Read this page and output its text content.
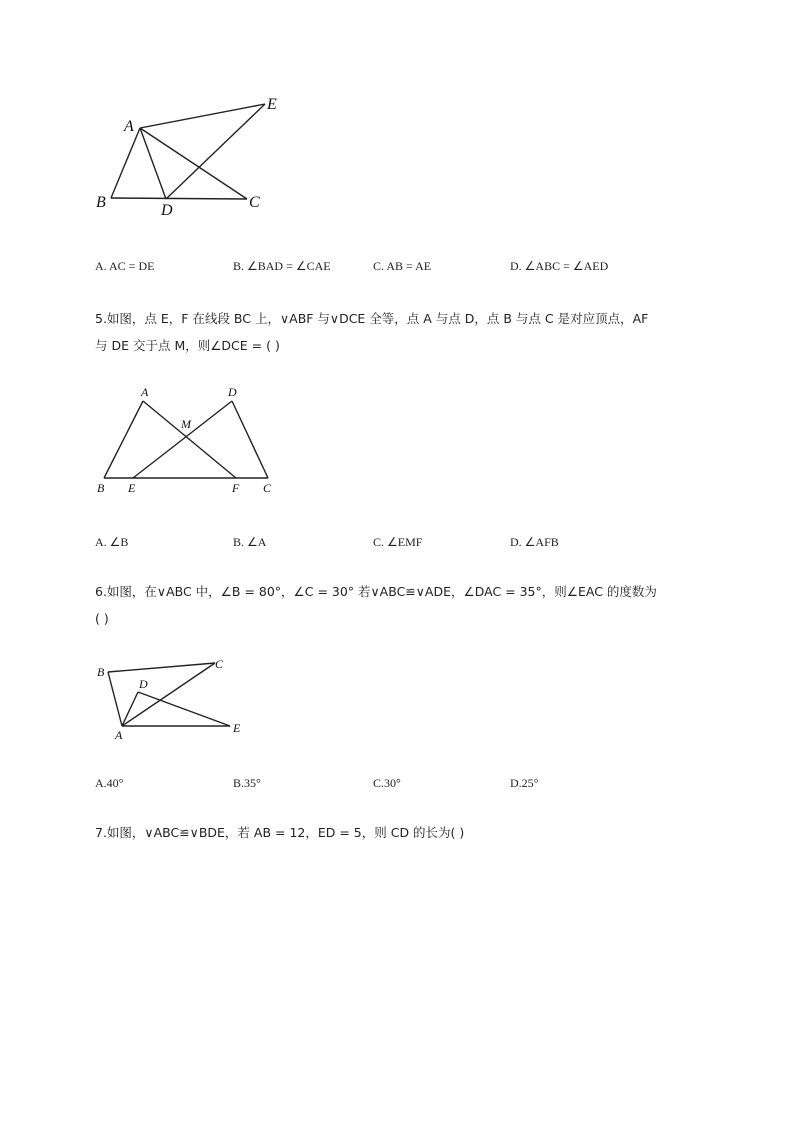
A
B	C
D
E
A. AC = DE	B. ∠BAD = ∠CAE	C. AB = AE	D. ∠ABC = ∠AED
5.如图，点 E，F 在线段 BC 上，∨ABF 与∨DCE 全等，点 A 与点 D，点 B 与点 C 是对应顶点，AF
与 DE 交于点 M，则∠DCE = ( )
A	D
M
B E	F C
A. ∠B	B. ∠A	C. ∠EMF	D. ∠AFB
6.如图，在∨ABC 中，∠B = 80°，∠C = 30° 若∨ABC≌∨ADE，∠DAC = 35°，则∠EAC 的度数为
( )
B
C
D
A	E
A.40°	B.35°	C.30°	D.25°
7.如图，∨ABC≌∨BDE，若 AB = 12，ED = 5，则 CD 的长为( )
